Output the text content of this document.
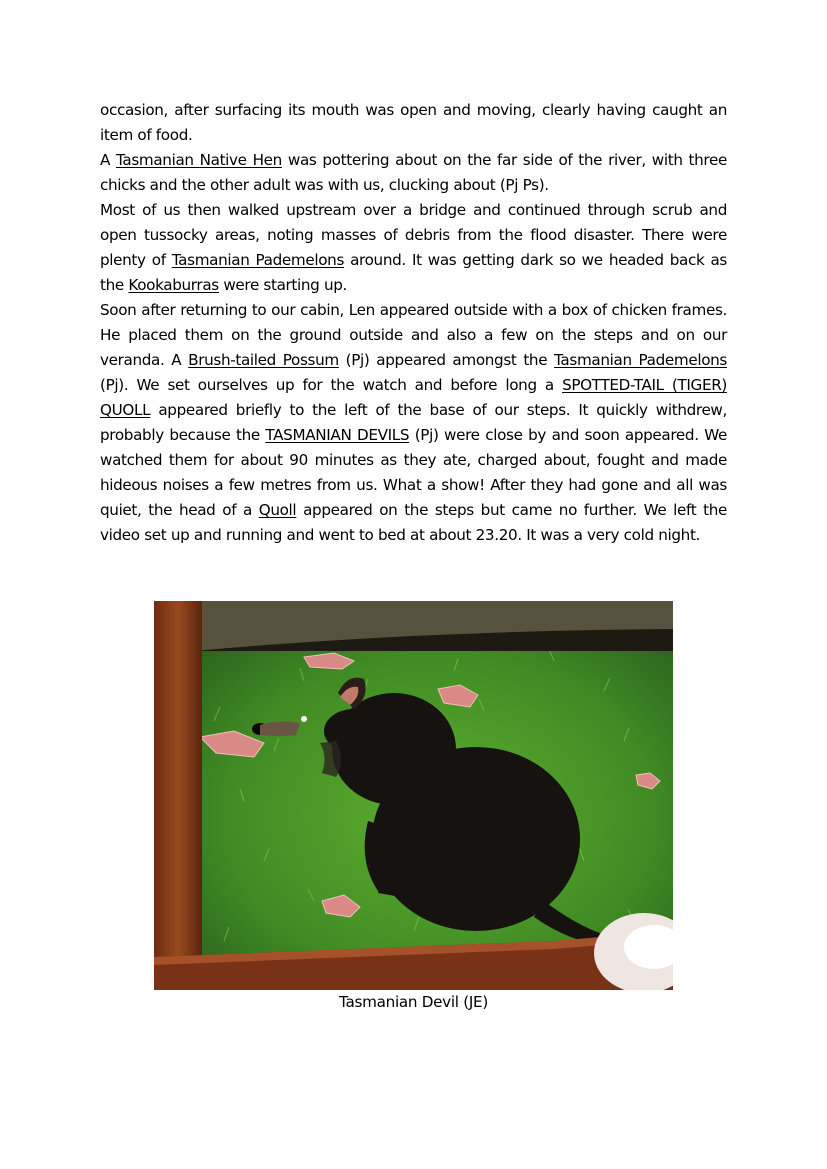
occasion, after surfacing its mouth was open and moving, clearly having caught an item of food.

A Tasmanian Native Hen was pottering about on the far side of the river, with three chicks and the other adult was with us, clucking about (Pj Ps).

Most of us then walked upstream over a bridge and continued through scrub and open tussocky areas, noting masses of debris from the flood disaster. There were plenty of Tasmanian Pademelons around. It was getting dark so we headed back as the Kookaburras were starting up.

Soon after returning to our cabin, Len appeared outside with a box of chicken frames. He placed them on the ground outside and also a few on the steps and on our veranda. A Brush-tailed Possum (Pj) appeared amongst the Tasmanian Pademelons (Pj). We set ourselves up for the watch and before long a SPOTTED-TAIL (TIGER) QUOLL appeared briefly to the left of the base of our steps. It quickly withdrew, probably because the TASMANIAN DEVILS (Pj) were close by and soon appeared. We watched them for about 90 minutes as they ate, charged about, fought and made hideous noises a few metres from us. What a show! After they had gone and all was quiet, the head of a Quoll appeared on the steps but came no further. We left the video set up and running and went to bed at about 23.20. It was a very cold night.

Tasmanian Devil (JE)
